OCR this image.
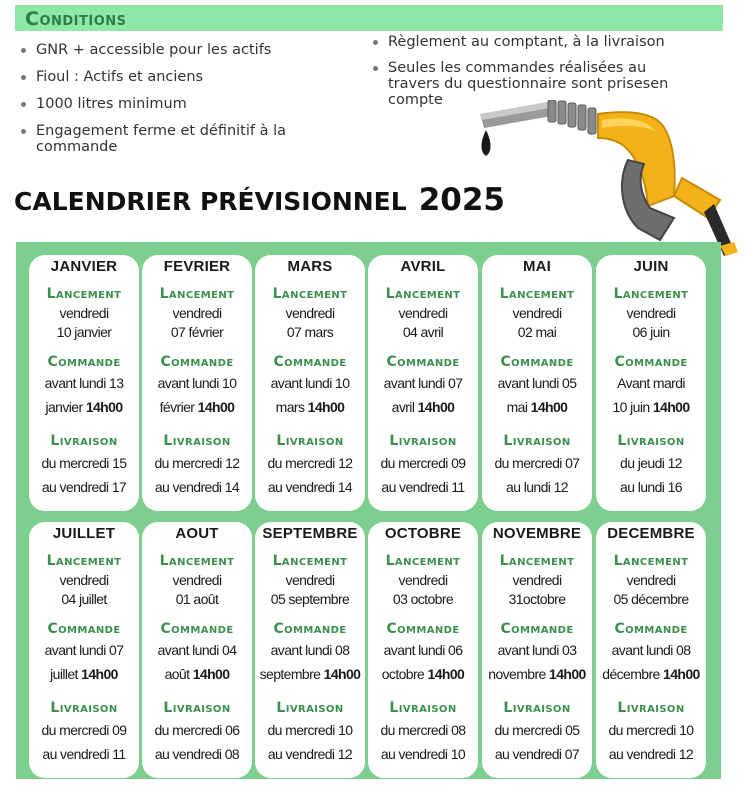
Conditions
GNR + accessible pour les actifs
Fioul : Actifs et anciens
1000 litres minimum
Engagement ferme et définitif à la commande
Règlement au comptant, à la livraison
Seules les commandes réalisées au travers du questionnaire sont prisesen compte
CALENDRIER PRÉVISIONNEL 2025
JANVIER
Lancement
vendredi
10 janvier
Commande
avant lundi 13
janvier 14h00
Livraison
du mercredi 15
au vendredi 17
FEVRIER
Lancement
vendredi
07 février
Commande
avant lundi 10
février 14h00
Livraison
du mercredi 12
au vendredi 14
MARS
Lancement
vendredi
07 mars
Commande
avant lundi 10
mars 14h00
Livraison
du mercredi 12
au vendredi 14
AVRIL
Lancement
vendredi
04 avril
Commande
avant lundi 07
avril 14h00
Livraison
du mercredi 09
au vendredi 11
MAI
Lancement
vendredi
02 mai
Commande
avant lundi 05
mai 14h00
Livraison
du mercredi 07
au lundi 12
JUIN
Lancement
vendredi
06 juin
Commande
Avant mardi
10 juin 14h00
Livraison
du jeudi 12
au lundi 16
JUILLET
Lancement
vendredi
04 juillet
Commande
avant lundi 07
juillet 14h00
Livraison
du mercredi 09
au vendredi 11
AOUT
Lancement
vendredi
01 août
Commande
avant lundi 04
août 14h00
Livraison
du mercredi 06
au vendredi 08
SEPTEMBRE
Lancement
vendredi
05 septembre
Commande
avant lundi 08
septembre 14h00
Livraison
du mercredi 10
au vendredi 12
OCTOBRE
Lancement
vendredi
03 octobre
Commande
avant lundi 06
octobre 14h00
Livraison
du mercredi 08
au vendredi 10
NOVEMBRE
Lancement
vendredi
31octobre
Commande
avant lundi 03
novembre 14h00
Livraison
du mercredi 05
au vendredi 07
DECEMBRE
Lancement
vendredi
05 décembre
Commande
avant lundi 08
décembre 14h00
Livraison
du mercredi 10
au vendredi 12
